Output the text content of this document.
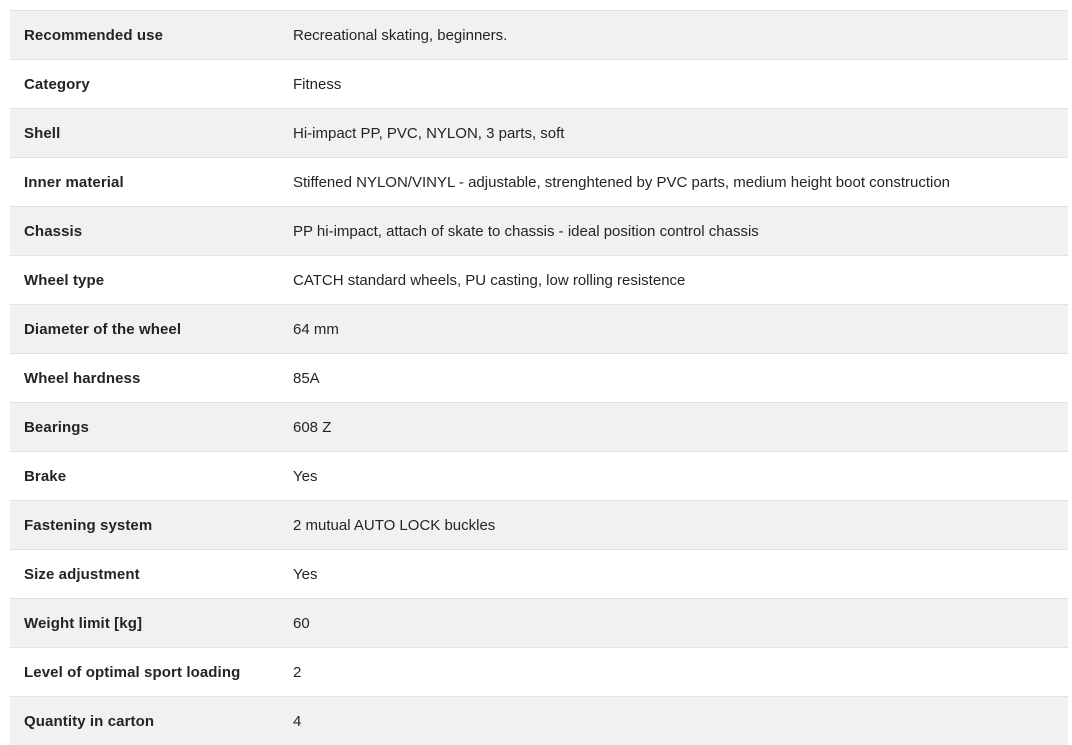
Recommended use	Recreational skating, beginners.
Category	Fitness
Shell	Hi-impact PP, PVC, NYLON, 3 parts, soft
Inner material	Stiffened NYLON/VINYL - adjustable, strenghtened by PVC parts, medium height boot construction
Chassis	PP hi-impact, attach of skate to chassis - ideal position control chassis
Wheel type	CATCH standard wheels, PU casting, low rolling resistence
Diameter of the wheel	64 mm
Wheel hardness	85A
Bearings	608 Z
Brake	Yes
Fastening system	2 mutual AUTO LOCK buckles
Size adjustment	Yes
Weight limit [kg]	60
Level of optimal sport loading	2
Quantity in carton	4
